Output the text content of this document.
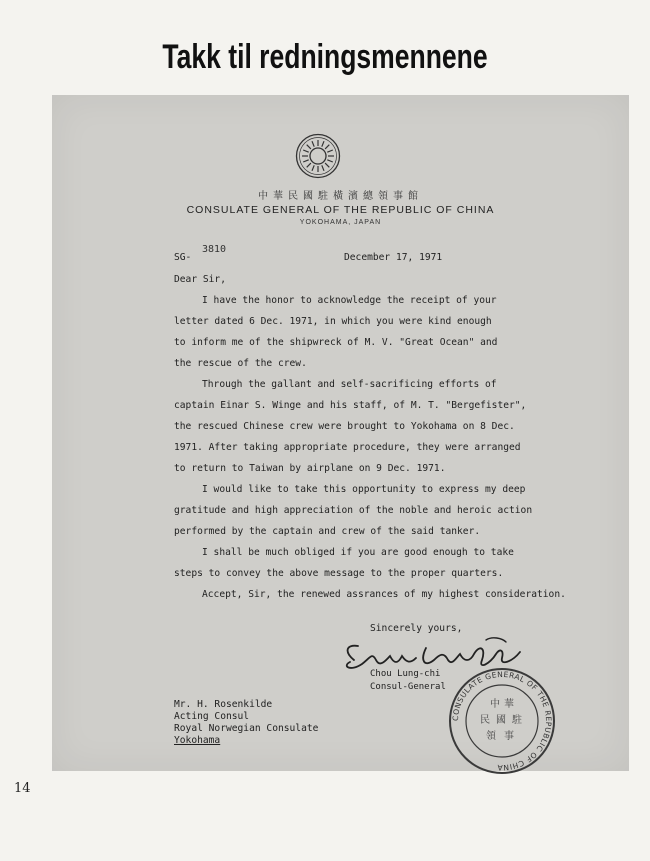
Takk til redningsmennene
中華民國駐橫濱總領事館
CONSULATE GENERAL OF THE REPUBLIC OF CHINA
YOKOHAMA, JAPAN
SG-
3810
December 17, 1971
Dear Sir,
I have the honor to acknowledge the receipt of your
letter dated 6 Dec. 1971, in which you were kind enough
to inform me of the shipwreck of M. V. "Great Ocean" and
the rescue of the crew.
Through the gallant and self-sacrificing efforts of
captain Einar S. Winge and his staff, of M. T. "Bergefister",
the rescued Chinese crew were brought to Yokohama on 8 Dec.
1971. After taking appropriate procedure, they were arranged
to return to Taiwan by airplane on 9 Dec. 1971.
I would like to take this opportunity to express my deep
gratitude and high appreciation of the noble and heroic action
performed by the captain and crew of the said tanker.
I shall be much obliged if you are good enough to take
steps to convey the above message to the proper quarters.
Accept, Sir, the renewed assrances of my highest consideration.
Sincerely yours,
Chou Lung-chi
Consul-General
CONSULATE GENERAL OF THE REPUBLIC OF CHINA
中 華
民 國 駐
領 事
Mr. H. Rosenkilde
Acting Consul
Royal Norwegian Consulate
Yokohama
14
